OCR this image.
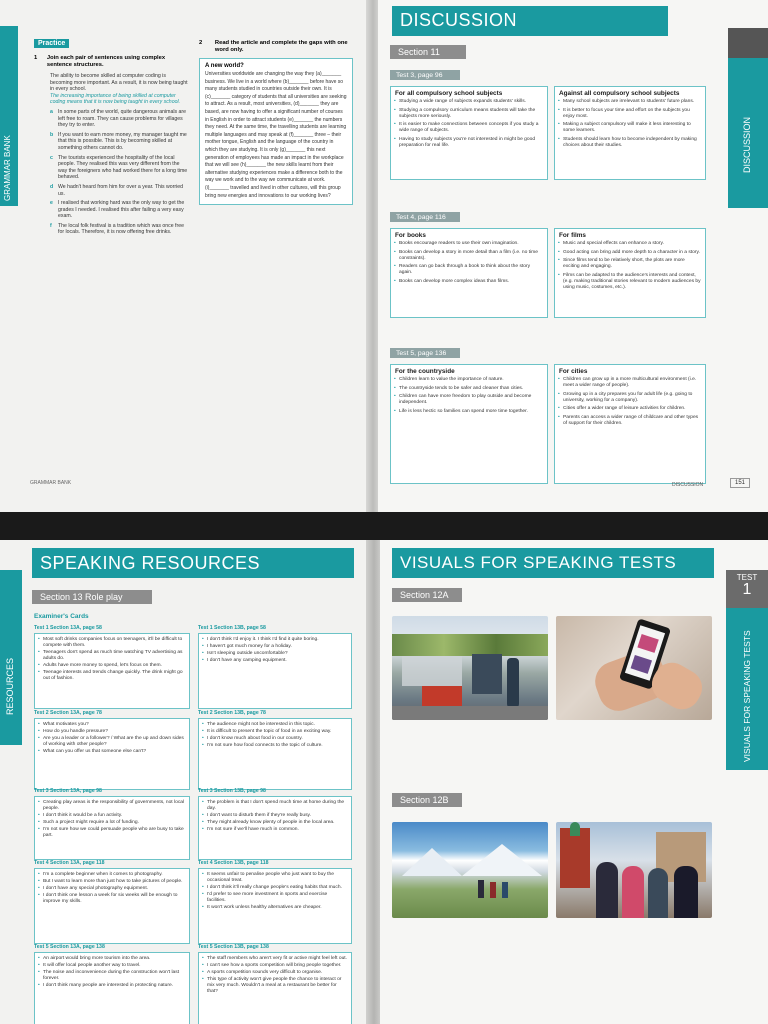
GRAMMAR BANK
Practice
1	Join each pair of sentences using complex sentence structures.
The ability to become skilled at computer coding is becoming more important. As a result, it is now being taught in every school.
The increasing importance of being skilled at computer coding means that it is now being taught in every school.
a In some parts of the world, quite dangerous animals are left free to roam. They can cause problems for villages they try to enter.
b If you want to earn more money, my manager taught me that this is possible. This is by becoming skilled at something others cannot do.
c The tourists experienced the hospitality of the local people. They realised this was very different from the way the foreigners who had worked there for a long time behaved.
d We hadn't heard from him for over a year. This worried us.
e I realised that working hard was the only way to get the grades I needed. I realised this after failing a very easy exam.
f	The local folk festival is a tradition which was once free for locals. Therefore, it is now offering free drinks.
2	Read the article and complete the gaps with one word only.
A new world?
Universities worldwide are changing the way they (a)_______ business. We live in a world where (b)_______ before have so many students studied in countries outside their own. It is (c)_______ category of students that all universities are seeking to attract. As a result, most universities, (d)_______ they are based, are now having to offer a significant number of courses in English in order to attract students (e)_______ the numbers they need. At the same time, the travelling students are learning multiple languages and may speak at (f)_______ three – their mother tongue, English and the language of the country in which they are studying. It is only (g)_______ this next generation of employees has made an impact in the workplace that we will see (h)_______ the new skills learnt from their alternative studying experiences make a difference both to the way we work and to the way we communicate at work. (i)_______ travelled and lived in other cultures, will this group bring new energies and innovations to our working lives?
GRAMMAR BANK
DISCUSSION
Section 11
DISCUSSION
Test 3, page 96
For all compulsory school subjects
• Studying a wide range of subjects expands students' skills.
• Studying a compulsory curriculum means students will take the subjects more seriously.
• It is easier to make connections between concepts if you study a wide range of subjects.
• Having to study subjects you're not interested in might be good preparation for real life.
Against all compulsory school subjects
• Many school subjects are irrelevant to students' future plans.
• It is better to focus your time and effort on the subjects you enjoy most.
• Making a subject compulsory will make it less interesting to some learners.
• Students should learn how to become independent by making choices about their studies.
Test 4, page 116
For books
• Books encourage readers to use their own imagination.
• Books can develop a story in more detail than a film (i.e. no time constraints).
• Readers can go back through a book to think about the story again.
• Books can develop more complex ideas than films.
For films
• Music and special effects can enhance a story.
• Good acting can bring add more depth to a character in a story.
• Since films tend to be relatively short, the plots are more exciting and engaging.
• Films can be adapted to the audience's interests and context, (e.g. making traditional stories relevant to modern audiences by using music, costumes, etc.).
Test 5, page 136
For the countryside
• Children learn to value the importance of nature.
• The countryside tends to be safer and cleaner than cities.
• Children can have more freedom to play outside and become independent.
• Life is less hectic so families can spend more time together.
For cities
• Children can grow up in a more multicultural environment (i.e. meet a wider range of people).
• Growing up in a city prepares you for adult life (e.g. going to university, working for a company).
• Cities offer a wider range of leisure activities for children.
• Parents can access a wider range of childcare and other types of support for their children.
DISCUSSION	151
RESOURCES
SPEAKING RESOURCES
Section 13 Role play
Examiner's Cards
Test 1 Section 13A, page 58
• Most soft drinks companies focus on teenagers, it'll be difficult to compete with them.
• Teenagers don't spend as much time watching TV advertising as adults do.
• Adults have more money to spend, let's focus on them.
• Teenage interests and trends change quickly. The drink might go out of fashion.
Test 1 Section 13B, page 58
• I don't think I'd enjoy it. I think I'd find it quite boring.
• I haven't got much money for a holiday.
• Isn't sleeping outside uncomfortable?
• I don't have any camping equipment.
Test 2 Section 13A, page 78
• What motivates you?
• How do you handle pressure?
• Are you a leader or a follower? / What are the up and down sides of working with other people?
• What can you offer us that someone else can't?
Test 2 Section 13B, page 78
• The audience might not be interested in this topic.
• It is difficult to present the topic of food in an exciting way.
• I don't know much about food in our country.
• I'm not sure how food connects to the topic of culture.
Test 3 Section 13A, page 98
• Creating play areas is the responsibility of governments, not local people.
• I don't think it would be a fun activity.
• Such a project might require a lot of funding.
• I'm not sure how we could persuade people who are busy to take part.
Test 3 Section 13B, page 98
• The problem is that I don't spend much time at home during the day.
• I don't want to disturb them if they're really busy.
• They might already know plenty of people in the local area.
• I'm not sure if we'll have much in common.
Test 4 Section 13A, page 118
• I'm a complete beginner when it comes to photography.
• But I want to learn more than just how to take pictures of people.
• I don't have any special photography equipment.
• I don't think one lesson a week for six weeks will be enough to improve my skills.
Test 4 Section 13B, page 118
• It seems unfair to penalise people who just want to buy the occasional treat.
• I don't think it'll really change people's eating habits that much.
• I'd prefer to see more investment in sports and exercise facilities.
• It won't work unless healthy alternatives are cheaper.
Test 5 Section 13A, page 138
• An airport would bring more tourism into the area.
• It will offer local people another way to travel.
• The noise and inconvenience during the construction won't last forever.
• I don't think many people are interested in protecting nature.
Test 5 Section 13B, page 138
• The staff members who aren't very fit or active might feel left out.
• I can't see how a sports competition will bring people together.
• A sports competition sounds very difficult to organise.
• This type of activity won't give people the chance to interact or mix very much. Wouldn't a meal at a restaurant be better for that?
VISUALS FOR SPEAKING TESTS
TEST
1
VISUALS FOR SPEAKING TESTS
Section 12A
Section 12B
